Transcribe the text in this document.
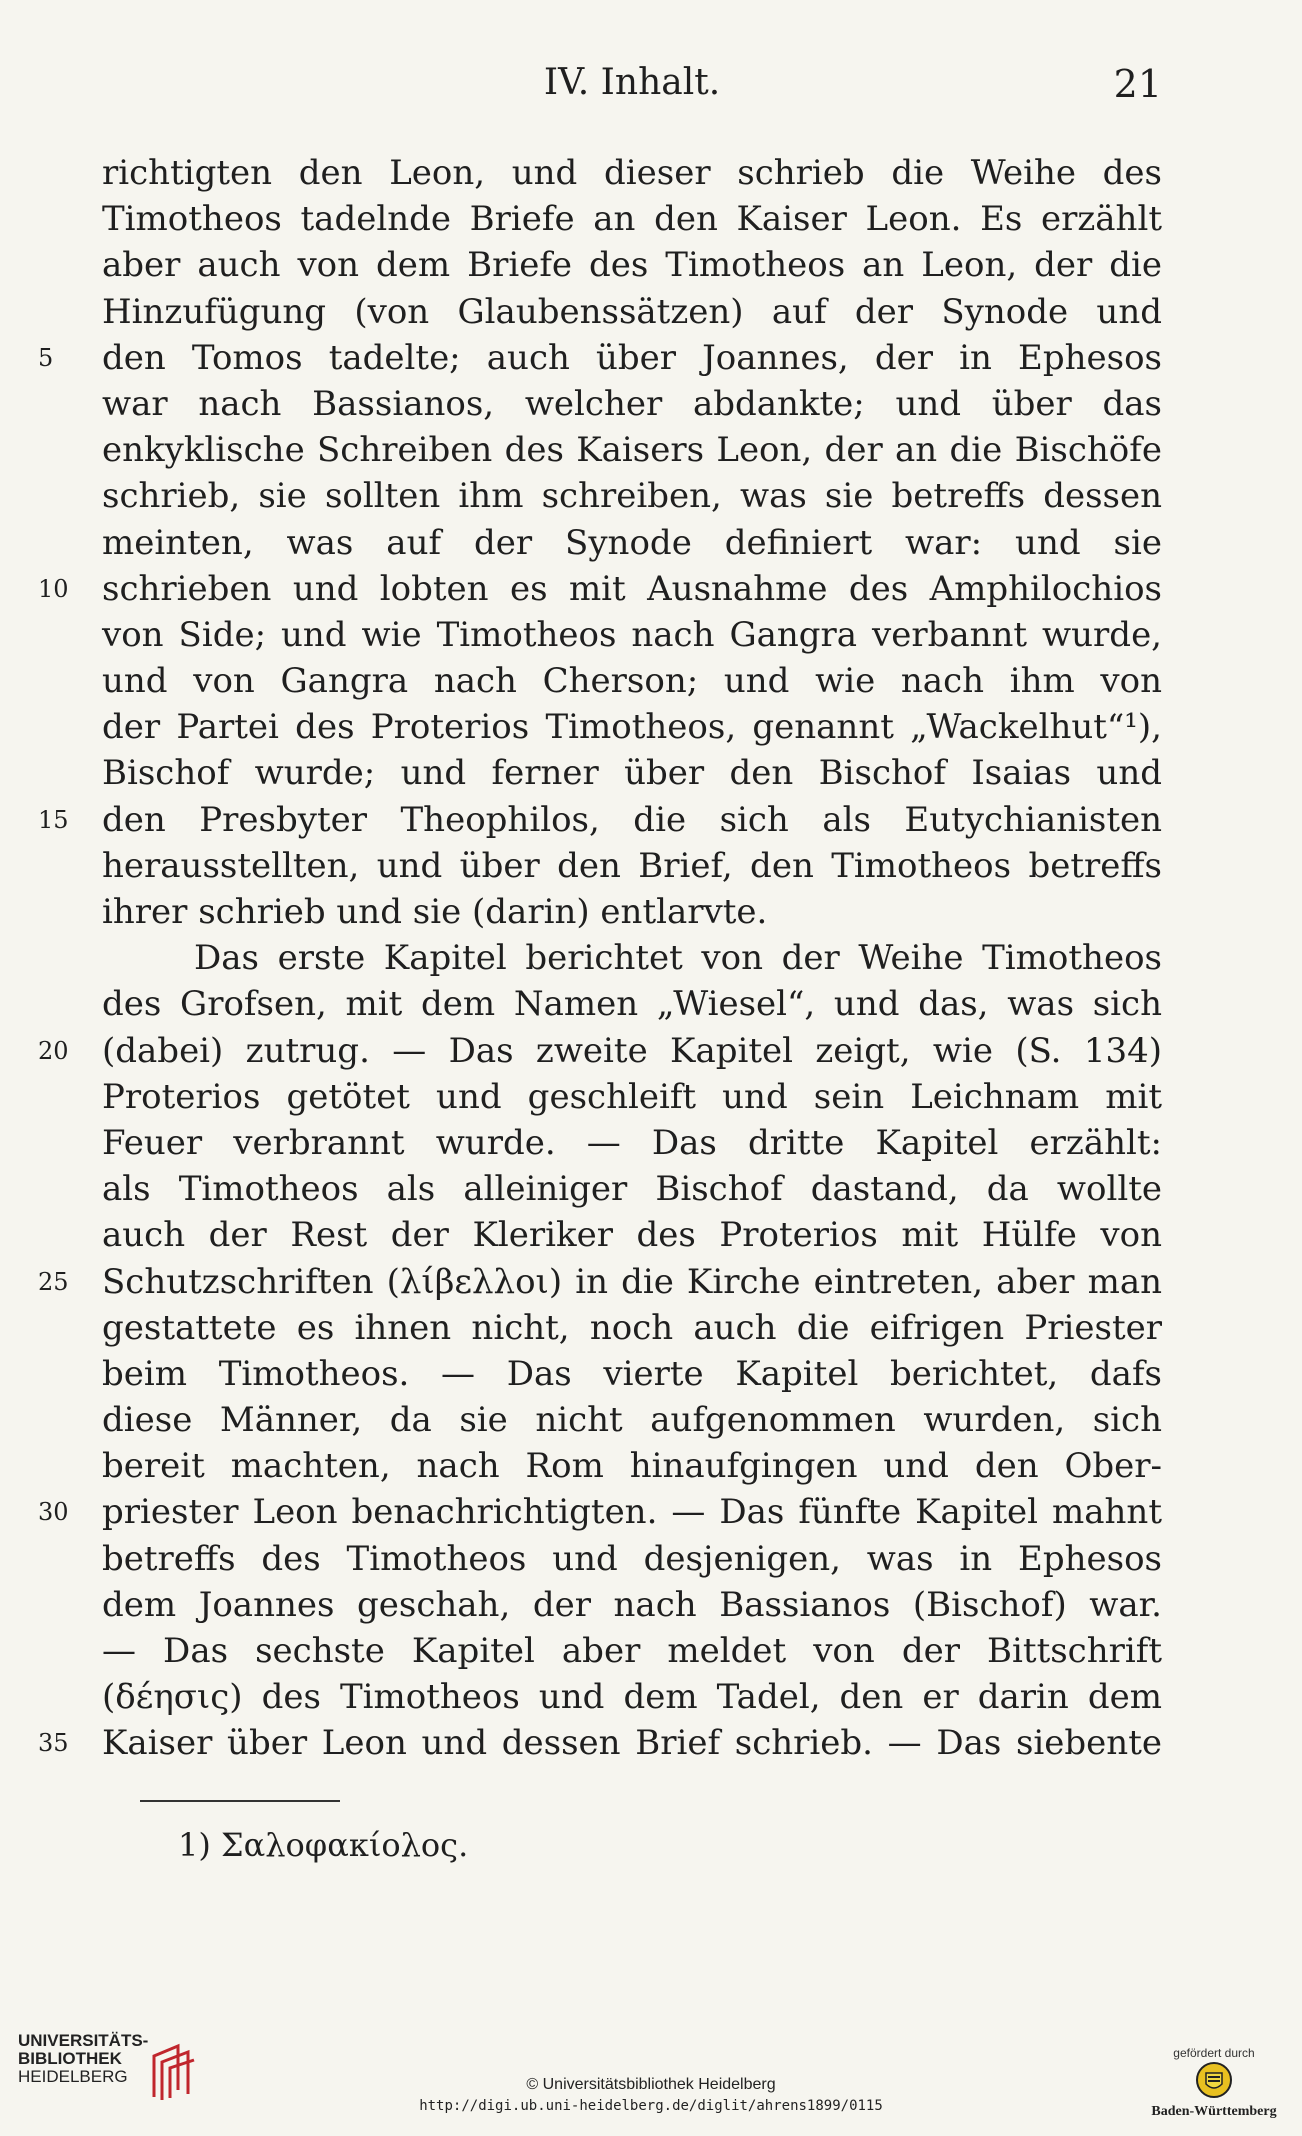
IV. Inhalt.	21
richtigten den Leon, und dieser schrieb die Weihe des
Timotheos tadelnde Briefe an den Kaiser Leon. Es erzählt
aber auch von dem Briefe des Timotheos an Leon, der die
Hinzufügung (von Glaubenssätzen) auf der Synode und
5	den Tomos tadelte; auch über Joannes, der in Ephesos
war nach Bassianos, welcher abdankte; und über das
enkyklische Schreiben des Kaisers Leon, der an die Bischöfe
schrieb, sie sollten ihm schreiben, was sie betreffs dessen
meinten, was auf der Synode definiert war: und sie
10 schrieben und lobten es mit Ausnahme des Amphilochios
von Side; und wie Timotheos nach Gangra verbannt wurde,
und von Gangra nach Cherson; und wie nach ihm von
der Partei des Proterios Timotheos, genannt „Wackelhut“¹),
Bischof wurde; und ferner über den Bischof Isaias und
15 den Presbyter Theophilos, die sich als Eutychianisten
herausstellten, und über den Brief, den Timotheos betreffs
ihrer schrieb und sie (darin) entlarvte.
Das erste Kapitel berichtet von der Weihe Timotheos
des Grofsen, mit dem Namen „Wiesel“, und das, was sich
20 (dabei) zutrug. — Das zweite Kapitel zeigt, wie (S. 134)
Proterios getötet und geschleift und sein Leichnam mit
Feuer verbrannt wurde. — Das dritte Kapitel erzählt:
als Timotheos als alleiniger Bischof dastand, da wollte
auch der Rest der Kleriker des Proterios mit Hülfe von
25 Schutzschriften (λίβελλοι) in die Kirche eintreten, aber man
gestattete es ihnen nicht, noch auch die eifrigen Priester
beim Timotheos. — Das vierte Kapitel berichtet, dafs
diese Männer, da sie nicht aufgenommen wurden, sich
bereit machten, nach Rom hinaufgingen und den Ober-
30 priester Leon benachrichtigten. — Das fünfte Kapitel mahnt
betreffs des Timotheos und desjenigen, was in Ephesos
dem Joannes geschah, der nach Bassianos (Bischof) war.
— Das sechste Kapitel aber meldet von der Bittschrift
(δέησις) des Timotheos und dem Tadel, den er darin dem
35 Kaiser über Leon und dessen Brief schrieb. — Das siebente
1) Σαλοφακίολος.
UNIVERSITÄTS-
BIBLIOTHEK
HEIDELBERG	© Universitätsbibliothek Heidelberg
http://digi.ub.uni-heidelberg.de/diglit/ahrens1899/0115
gefördert durch
Baden-Württemberg
